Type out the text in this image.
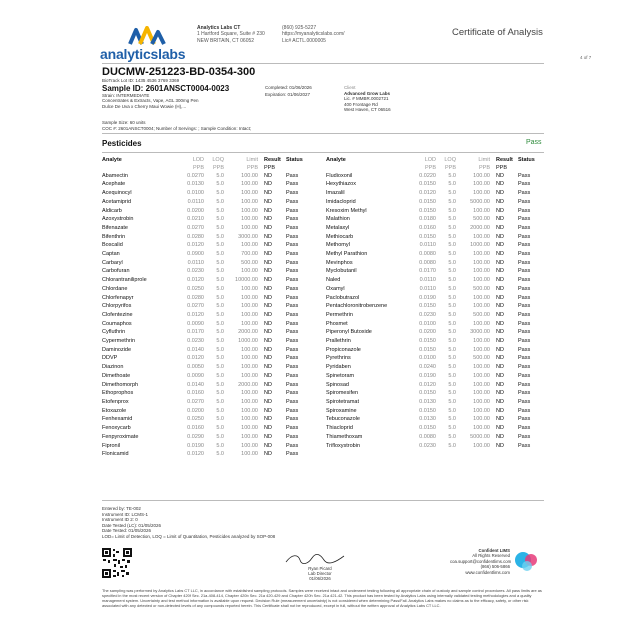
analyticslabs
Analytics Labs CT
1 Hartford Square, Suite # 230
NEW BRITAIN, CT 06052
(860) 925-5227
https://myanalyticslabs.com/
Lic# ACTL.0000005
Certificate of Analysis
4 of 7
DUCMW-251223-BD-0354-300
BioTrack Lot ID: 1435 4536 3769 3369
Sample ID: 2601ANSCT0004-0023
Strain: INTERMEDIATE
Concentrates & Extracts, Vape, AGL 300mg Pen
Dulce De Uva x Cherry Maui Wowie (H),...
Completed: 01/06/2026
Expiration: 01/06/2027
Client
Advanced Grow Labs
Lic. # MMBR.0002721
400 Frontage Rd
West Haven, CT 06516
Sample Size: 60 units
COC #: 2601ANSCT0004; Number of Servings: ; Sample Condition: Intact;
Pesticides	Pass
Analyte	LOD	LOQ	Limit	Result	Status
	PPB	PPB	PPB	PPB	
Abamectin	0.0270	5.0	100.00	ND	Pass
Acephate	0.0130	5.0	100.00	ND	Pass
Acequinocyl	0.0100	5.0	100.00	ND	Pass
Acetamiprid	0.0110	5.0	100.00	ND	Pass
Aldicarb	0.0200	5.0	100.00	ND	Pass
Azoxystrobin	0.0210	5.0	100.00	ND	Pass
Bifenazate	0.0270	5.0	100.00	ND	Pass
Bifenthrin	0.0280	5.0	3000.00	ND	Pass
Boscalid	0.0120	5.0	100.00	ND	Pass
Captan	0.0900	5.0	700.00	ND	Pass
Carbaryl	0.0110	5.0	500.00	ND	Pass
Carbofuran	0.0230	5.0	100.00	ND	Pass
Chlorantraniliprole	0.0120	5.0	10000.00	ND	Pass
Chlordane	0.0250	5.0	100.00	ND	Pass
Chlorfenapyr	0.0280	5.0	100.00	ND	Pass
Chlorpyrifos	0.0270	5.0	100.00	ND	Pass
Clofentezine	0.0120	5.0	100.00	ND	Pass
Coumaphos	0.0090	5.0	100.00	ND	Pass
Cyfluthrin	0.0170	5.0	2000.00	ND	Pass
Cypermethrin	0.0230	5.0	1000.00	ND	Pass
Daminozide	0.0140	5.0	100.00	ND	Pass
DDVP	0.0120	5.0	100.00	ND	Pass
Diazinon	0.0050	5.0	100.00	ND	Pass
Dimethoate	0.0090	5.0	100.00	ND	Pass
Dimethomorph	0.0140	5.0	2000.00	ND	Pass
Ethoprophos	0.0160	5.0	100.00	ND	Pass
Etofenprox	0.0270	5.0	100.00	ND	Pass
Etoxazole	0.0200	5.0	100.00	ND	Pass
Fenhexamid	0.0250	5.0	100.00	ND	Pass
Fenoxycarb	0.0160	5.0	100.00	ND	Pass
Fenpyroximate	0.0290	5.0	100.00	ND	Pass
Fipronil	0.0190	5.0	100.00	ND	Pass
Flonicamid	0.0120	5.0	100.00	ND	Pass
Analyte	LOD	LOQ	Limit	Result	Status
	PPB	PPB	PPB	PPB	
Fludioxonil	0.0220	5.0	100.00	ND	Pass
Hexythiazox	0.0150	5.0	100.00	ND	Pass
Imazalil	0.0120	5.0	100.00	ND	Pass
Imidacloprid	0.0150	5.0	5000.00	ND	Pass
Kresoxim Methyl	0.0150	5.0	100.00	ND	Pass
Malathion	0.0180	5.0	500.00	ND	Pass
Metalaxyl	0.0160	5.0	2000.00	ND	Pass
Methiocarb	0.0150	5.0	100.00	ND	Pass
Methomyl	0.0110	5.0	1000.00	ND	Pass
Methyl Parathion	0.0080	5.0	100.00	ND	Pass
Mevinphos	0.0080	5.0	100.00	ND	Pass
Myclobutanil	0.0170	5.0	100.00	ND	Pass
Naled	0.0110	5.0	100.00	ND	Pass
Oxamyl	0.0110	5.0	500.00	ND	Pass
Paclobutrazol	0.0190	5.0	100.00	ND	Pass
Pentachloronitrobenzene	0.0150	5.0	100.00	ND	Pass
Permethrin	0.0230	5.0	500.00	ND	Pass
Phosmet	0.0100	5.0	100.00	ND	Pass
Piperonyl Butoxide	0.0200	5.0	3000.00	ND	Pass
Prallethrin	0.0150	5.0	100.00	ND	Pass
Propiconazole	0.0150	5.0	100.00	ND	Pass
Pyrethrins	0.0100	5.0	500.00	ND	Pass
Pyridaben	0.0240	5.0	100.00	ND	Pass
Spinetoram	0.0190	5.0	100.00	ND	Pass
Spinosad	0.0120	5.0	100.00	ND	Pass
Spiromesifen	0.0150	5.0	100.00	ND	Pass
Spirotetramat	0.0130	5.0	100.00	ND	Pass
Spiroxamine	0.0150	5.0	100.00	ND	Pass
Tebuconazole	0.0130	5.0	100.00	ND	Pass
Thiacloprid	0.0150	5.0	100.00	ND	Pass
Thiamethoxam	0.0080	5.0	5000.00	ND	Pass
Trifloxystrobin	0.0230	5.0	100.00	ND	Pass
Entered by: TE-002
Instrument ID: LCMS-1
Instrument ID 2: 0
Date Tested (LC): 01/05/2026
Date Tested: 01/05/2026
LOD= Limit of Detection, LOQ = Limit of Quantitation, Pesticides analyzed by SOP-008
Ryan Picard
Lab Director
01/06/2026
Confident LIMS
All Rights Reserved
coa.support@confidentlims.com
(866) 506-5866
www.confidentlims.com
The sampling was performed by Analytics Labs CT LLC, in accordance with established sampling protocols. Samples were received intact and underwent testing following all appropriate chain of custody and sample control procedures. All pass limits are as specified in the most recent version of Chapter 420f Sec. 21a-408-414, Chapter 420b Sec. 21a 420-429 and Chapter 420h Sec. 21a 421-42. This product has been tested by Analytics Labs using internally validated testing methodologies and a quality management system. Uncertainty and test method information is available upon request. Decision Rule (measurement uncertainty) is not considered when determining Pass/Fail. Analytics Labs makes no claims as to the efficacy, safety, or other risk associated with any detected or non-detected levels of any compounds reported herein. This Certificate shall not be reproduced, except in full, without the written approval of Analytics Labs CT LLC.
